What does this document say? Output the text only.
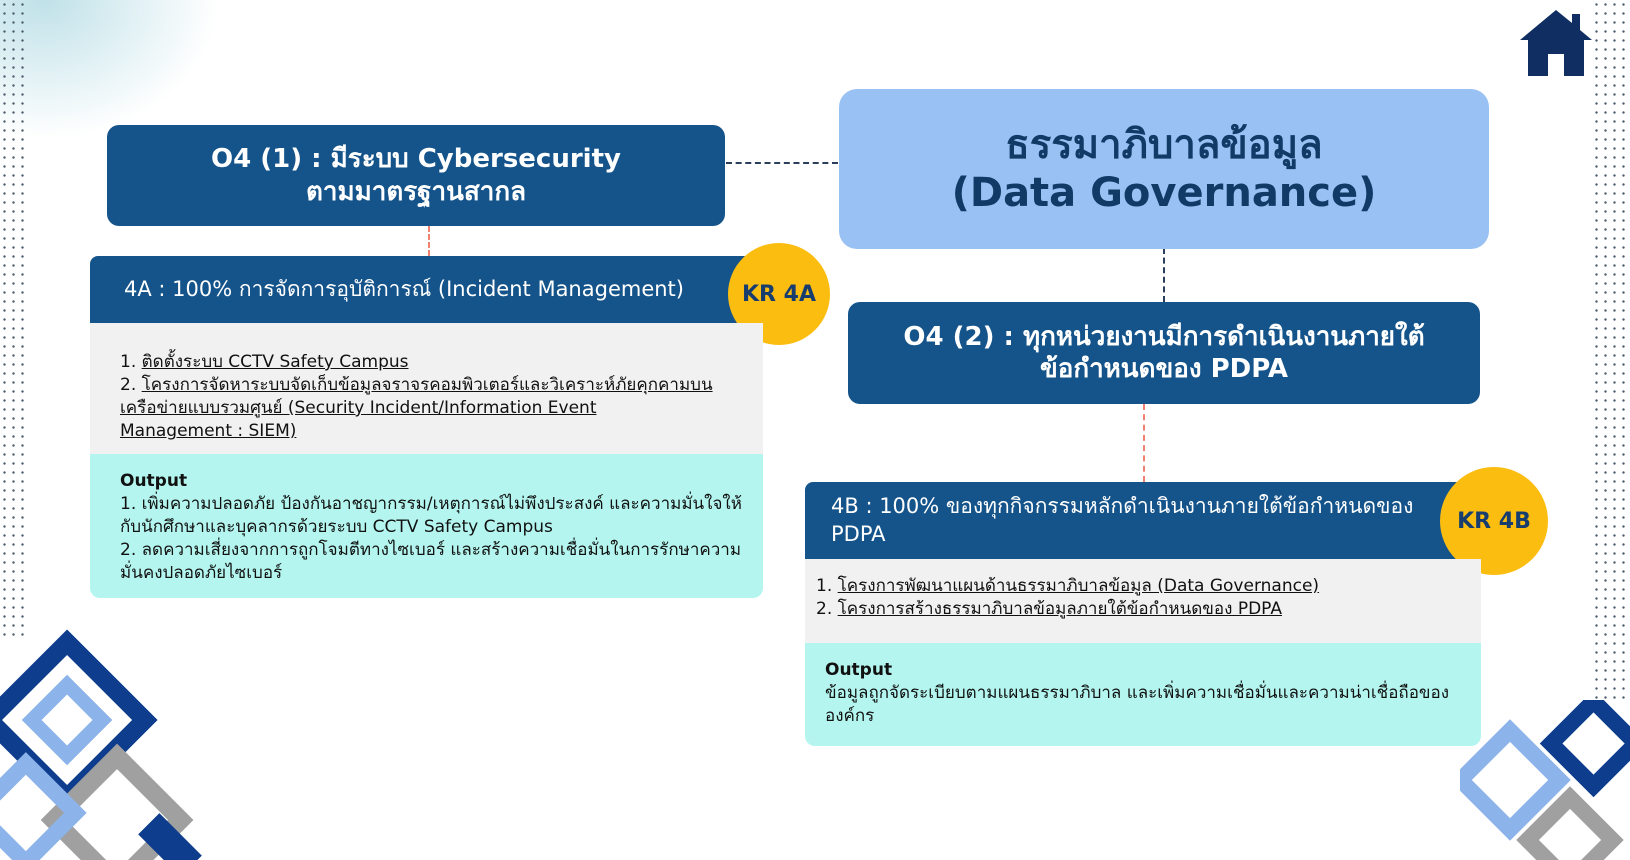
ธรรมาภิบาลข้อมูล
(Data Governance)
O4 (1) : มีระบบ Cybersecurity
ตามมาตรฐานสากล
O4 (2) : ทุกหน่วยงานมีการดำเนินงานภายใต้
ข้อกำหนดของ PDPA
4A : 100% การจัดการอุบัติการณ์ (Incident Management)	KR 4A
1. ติดตั้งระบบ CCTV Safety Campus
2. โครงการจัดหาระบบจัดเก็บข้อมูลจราจรคอมพิวเตอร์และวิเคราะห์ภัยคุกคามบน
เครือข่ายแบบรวมศูนย์ (Security Incident/Information Event
Management : SIEM)
Output
1. เพิ่มความปลอดภัย ป้องกันอาชญากรรม/เหตุการณ์ไม่พึงประสงค์ และความมั่นใจให้
กับนักศึกษาและบุคลากรด้วยระบบ CCTV Safety Campus
2. ลดความเสี่ยงจากการถูกโจมตีทางไซเบอร์ และสร้างความเชื่อมั่นในการรักษาความ
มั่นคงปลอดภัยไซเบอร์
4B : 100% ของทุกกิจกรรมหลักดำเนินงานภายใต้ข้อกำหนดของ
PDPA	KR 4B
1. โครงการพัฒนาแผนด้านธรรมาภิบาลข้อมูล (Data Governance)
2. โครงการสร้างธรรมาภิบาลข้อมูลภายใต้ข้อกำหนดของ PDPA
Output
ข้อมูลถูกจัดระเบียบตามแผนธรรมาภิบาล และเพิ่มความเชื่อมั่นและความน่าเชื่อถือของ
องค์กร
